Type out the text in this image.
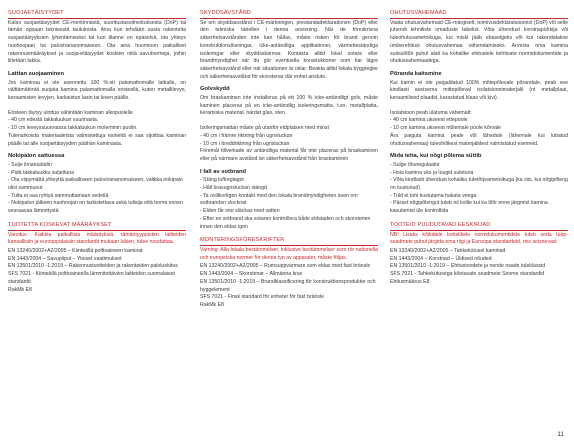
SUOJAETÄISYYDET
Katso suojaetäisyydet CE-merkinnästä, suoritustasoilmoituksesta (DoP) tai tämän oppaan teknisestä taulukosta. Aina kun tehdään uusia rakenteita suojaetäisyyksien lyhentämiseksi tai kun tilanne on epäselvä, ota yhteys nuohoojaan tai palovirananomaiseen. Ota aina huomioon paikalliset rakennusmääräykset ja suoja-etäisyydet koskien niitä savuhormeja, joihin liitetään takka.
Lattian suojaaminen
Jos kaminaa ei ole asennettu 100 %:sti palamattomalle lattialle, on välttämätöntä suojata kamina palamattomalla eristeellä, kuten metallilevyn, keraamisten levyjen, karkaistun lasin tai kiven päälle.
Eristeen täytyy ulottua vähintään kaminan ulkopuolelle
- 40 cm edestä takkaluukun suunnasta.
- 10 cm leveyssuunnassa takkaluukun molemmin puolin.
Tulenarkoista materiaaleista valmistettuja esineitä ei saa sijoittaa kaminan päälle tai alle suojaetäisyyden päähän kaminasta.
Nokipalon sattuessa
- Sulje ilmansäädin
- Pidä takkaluukku suljettuna
- Ota viipymättä yhteyttä paikalliseen palovirananomaiseen, valikka nokipalo olisi sammunut
- Tulta ei saa ryhtyä sammuttamaan vedellä
- Nokipalon jälkeen nuohoojan on tarkistettava sekä tulisija että hormi ennen seuraavaa lämmitystä
TUOTETTA KOSKEVAT MÄÄRÄYKSET
Varoitus: Kaikkia paikallisia määräyksiä, tämäntyyppisten laitteiden kansallisiin ja eurooppalaisiin standardit mukaan lukien, tulee noudattaa.
EN 13240/2002+A2/2005 – Kiinteällä polttoaineen kaminat
EN 1443/2004 – Savupiiput – Yleiset vaatimukset
EN 13501/2010 -1:2019 – Rakennustuotteiden ja rakenteiden paloluokitus
SFS 7021 - Kiinteällä polttoaineella lämmitettävien laitteiden suomalaiset standardit
RakMk E8
SKYDDSAVSTÅND
Se om skyddsavstånd i CE-märkningen, prestandadeklarationen (DoP) eller den tekniska tabellen i denna anvisning. När de föreskrivna säkerhetsavstånden inte kan hållas, måste risken för brand genom konstruktionslösningar, icke-antändliga applikationer, värmebeständiga isoleringar eller skyddsskärmar. Kontakta alltid lokal sotare eller brandmyndighet när du gör eventuella konstruktioner som har lägre säkerhetsavstånd eller när situationen är oklar. Beakta alltid lokala byggregler och säkerhetsavstånd för skorstenar där enhet ansluts.
Golvskydd
Om braskaminen inte installeras på ett 100 % icke-antändligt golv, måste kaminen placeras på en icke-antändlig isoleringsmatta, t.ex. metallplatta, keramiska material, härdat glas, sten.
Isoleringsmattan måste gå utanför eldplatsen med minst
- 40 cm i främre riktning från ugnsluckan
- 10 cm i breddriktning från ugnsluckan
Föremål tillverkade av antändliga material får inte placeras på braskaminen eller på närmare avstånd än säkerhetsavstånd från braskaminen
I fall av sotbrand
- Stäng luftreglaget
- Håll brasugnsluckan stängd
- Ta ovillkorligen kontakt med den lokala brandmyndigheten även om sotbranden slocknat
- Elden får inte släckas med vatten
- Efter en sotbrand ska sotaren kontrollera både eldstaden och skorstenen innan den eldas igen
MONTERINGSFÖRESKRIFTER
Varning: Alla lokala bestämmelser, inklusive bestämmelser som rör nationella och europeiska normer för denna typ av apparater, måste följas.
EN 13240/2002+A2/2005 – Rumsuppvärmare som eldas med fast bränsle
EN 1443/2004 – Skorstenar – Allmänna krav
EN 13501/2010 -1:2019 – Brandklassificering för konstruktionsprodukter och byggelement
SFS 7021 - Finsk standard för enheter för fast bränsle
RakMk E8
OHUTUSVAHEMAAD
Vaata ohutusvahemaid CE-märgiselt, toimivusdeklaratsioonist (DoP) või selle juhendi tehniliste omaduste tabelist. Võta ühendust korstnapühkija või tuleohutusametnikuga, kui miski jääb ebaselgeks või kui rakendatakse ümberehitusi ohutusvahemaa vähendamiseks. Arvesta oma kamina suitsulõõri puhul alati ka kohalike ehitustele kehtivate normidokumentide ja ohutusvahemaadega.
Põranda kaitsmine
Kui kamin ei ole paigaldatud 100% mittepõlevale põrandale, peab see kindlasti asetsema mittepõleval isolatsioonimaterjalil (nt metallplaat, keraamilised plaadid, karastatud klaas või kivi).
Isolatsioon peab ulatuma vähemalt:
- 40 cm kamina ukseest ettepoole
- 10 cm kamina ukseest mõlemale poole kõrvale
Ära paiguta kamina peale või lähedale (lähemale kui lubatud ohutusvahemaa) tuleohtlikest materjalidest valmistatud esemeid.
Mida teha, kui nõgi põlema süttib
- Sulge õhuregulaator
- Hoia kamina uks ja luugid suletuna
- Võta kindlasti ühendust kohaliku tuletõrjeametnikuga (ka siis, kui nõgipõleng on kustunud)
- Tuld ei tohi kustutama hakata veega
- Pärast nõgipõlengut tuleb nii kollie kui ka lõõr enne järgmist kamina kasutamist üle kontrollida
TOOTEID PUUDUTAVAD EESKIRJAD
NB! Lisaks kõikidele kohalikele normdokumentidele tuleb seda tüüp-seadmete puhul järgida ema riigi ja Euroopa standardeid, mis seisnevad:
EN 13240/2002+A2/2005 – Tahkekütusel kaminad
EN 1443/2004 – Korstnad – Üldised nõuded
EN 13501/2010 -1:2019 – Ehitustoodete ja nende osade tuleklassid
SFS 7021 - Tahkekütusega kõetavate seadmete Soome standardid
Ehitusmäärus E8
11
